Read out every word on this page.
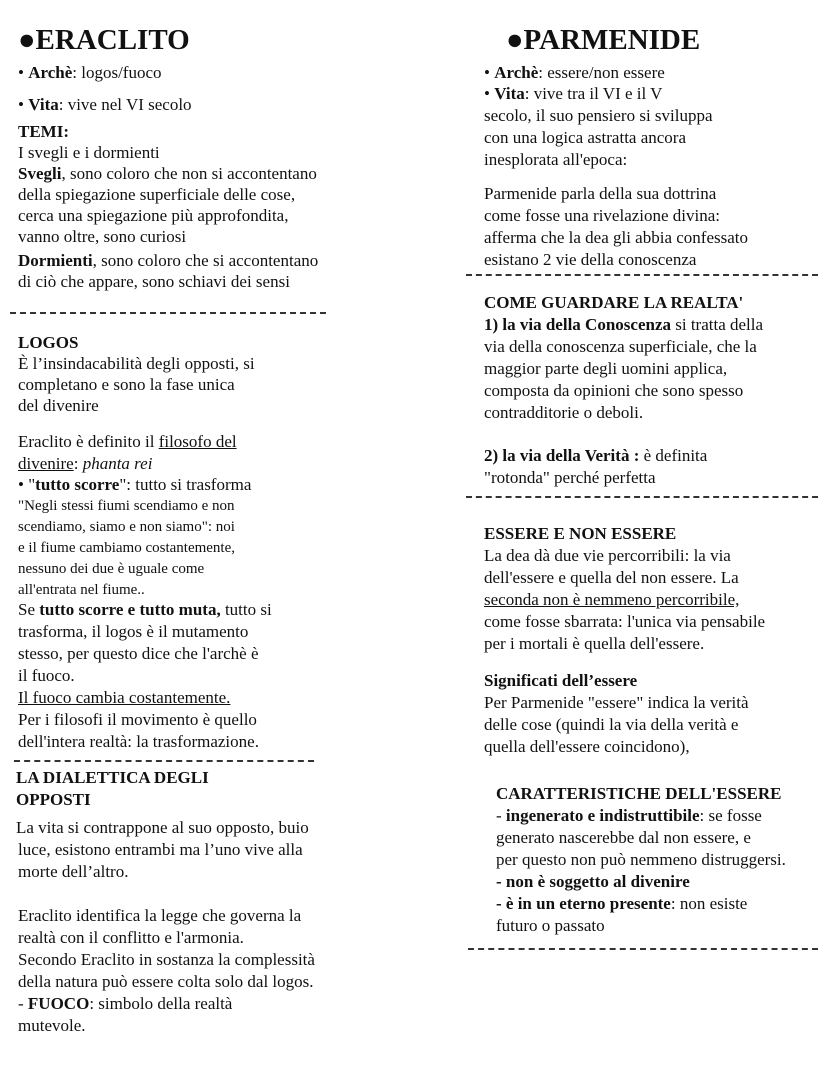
●ERACLITO
• Archè: logos/fuoco
• Vita: vive nel VI secolo
TEMI:
I svegli e i dormienti
Svegli, sono coloro che non si accontentano
della spiegazione superficiale delle cose,
cerca una spiegazione più approfondita,
vanno oltre, sono curiosi
Dormienti, sono coloro che si accontentano
di ciò che appare, sono schiavi dei sensi
LOGOS
È l’insindacabilità degli opposti, si
completano e sono la fase unica
del divenire
Eraclito è definito il filosofo del
divenire: phanta rei
• "tutto scorre": tutto si trasforma
"Negli stessi fiumi scendiamo e non
scendiamo, siamo e non siamo": noi
e il fiume cambiamo costantemente,
nessuno dei due è uguale come
all'entrata nel fiume..
Se tutto scorre e tutto muta, tutto si
trasforma, il logos è il mutamento
stesso, per questo dice che l'archè è
il fuoco.
Il fuoco cambia costantemente.
Per i filosofi il movimento è quello
dell'intera realtà: la trasformazione.
LA DIALETTICA DEGLI
OPPOSTI
La vita si contrappone al suo opposto, buio
luce, esistono entrambi ma l’uno vive alla
morte dell’altro.
Eraclito identifica la legge che governa la
realtà con il conflitto e l'armonia.
Secondo Eraclito in sostanza la complessità
della natura può essere colta solo dal logos.
- FUOCO: simbolo della realtà
mutevole.
●PARMENIDE
• Archè: essere/non essere
• Vita: vive tra il VI e il V
secolo, il suo pensiero si sviluppa
con una logica astratta ancora
inesplorata all'epoca:
Parmenide parla della sua dottrina
come fosse una rivelazione divina:
afferma che la dea gli abbia confessato
esistano 2 vie della conoscenza
COME GUARDARE LA REALTA'
1) la via della Conoscenza si tratta della
via della conoscenza superficiale, che la
maggior parte degli uomini applica,
composta da opinioni che sono spesso
contradditorie o deboli.
2) la via della Verità : è definita
"rotonda" perché perfetta
ESSERE E NON ESSERE
La dea dà due vie percorribili: la via
dell'essere e quella del non essere. La
seconda non è nemmeno percorribile,
come fosse sbarrata: l'unica via pensabile
per i mortali è quella dell'essere.
Significati dell’essere
Per Parmenide "essere" indica la verità
delle cose (quindi la via della verità e
quella dell'essere coincidono),
CARATTERISTICHE DELL'ESSERE
- ingenerato e indistruttibile: se fosse
generato nascerebbe dal non essere, e
per questo non può nemmeno distruggersi.
- non è soggetto al divenire
- è in un eterno presente: non esiste
futuro o passato
